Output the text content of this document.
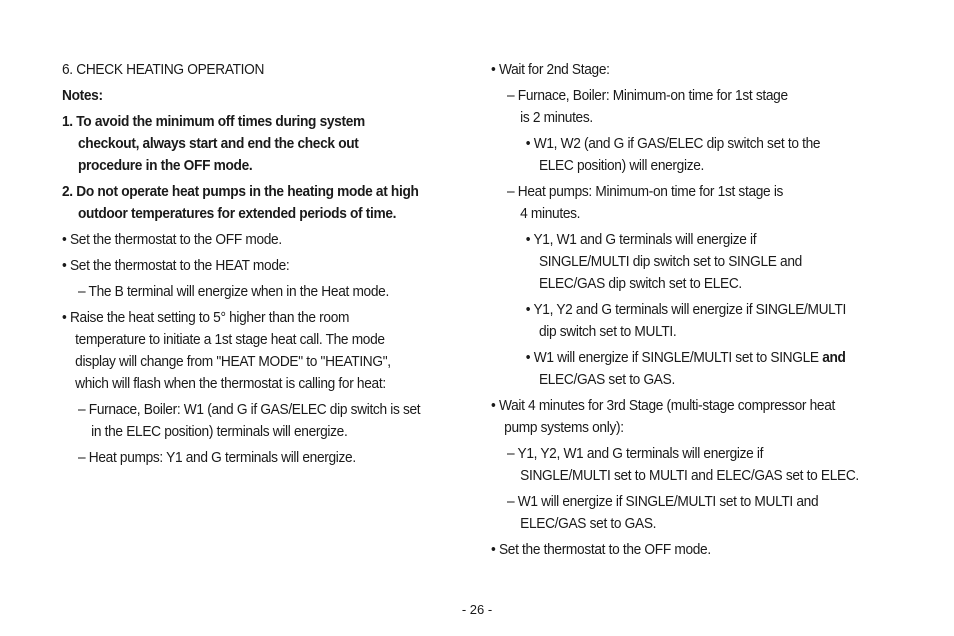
6. CHECK HEATING OPERATION

Notes:

1. To avoid the minimum off times during system

checkout, always start and end the check out

procedure in the OFF mode.

2. Do not operate heat pumps in the heating mode at high

outdoor temperatures for extended periods of time.

• Set the thermostat to the OFF mode.

• Set the thermostat to the HEAT mode:

– The B terminal will energize when in the Heat mode.

• Raise the heat setting to 5° higher than the room

temperature to initiate a 1st stage heat call. The mode

display will change from "HEAT MODE" to "HEATING",

which will flash when the thermostat is calling for heat:

– Furnace, Boiler: W1 (and G if GAS/ELEC dip switch is set

in the ELEC position) terminals will energize.

– Heat pumps: Y1 and G terminals will energize.

• Wait for 2nd Stage:

– Furnace, Boiler: Minimum-on time for 1st stage

is 2 minutes.

• W1, W2 (and G if GAS/ELEC dip switch set to the

ELEC position) will energize.

– Heat pumps: Minimum-on time for 1st stage is

4 minutes.

• Y1, W1 and G terminals will energize if

SINGLE/MULTI dip switch set to SINGLE and

ELEC/GAS dip switch set to ELEC.

• Y1, Y2 and G terminals will energize if SINGLE/MULTI

dip switch set to MULTI.

• W1 will energize if SINGLE/MULTI set to SINGLE and

ELEC/GAS set to GAS.

• Wait 4 minutes for 3rd Stage (multi-stage compressor heat

pump systems only):

– Y1, Y2, W1 and G terminals will energize if

SINGLE/MULTI set to MULTI and ELEC/GAS set to ELEC.

– W1 will energize if SINGLE/MULTI set to MULTI and

ELEC/GAS set to GAS.

• Set the thermostat to the OFF mode.

- 26 -
